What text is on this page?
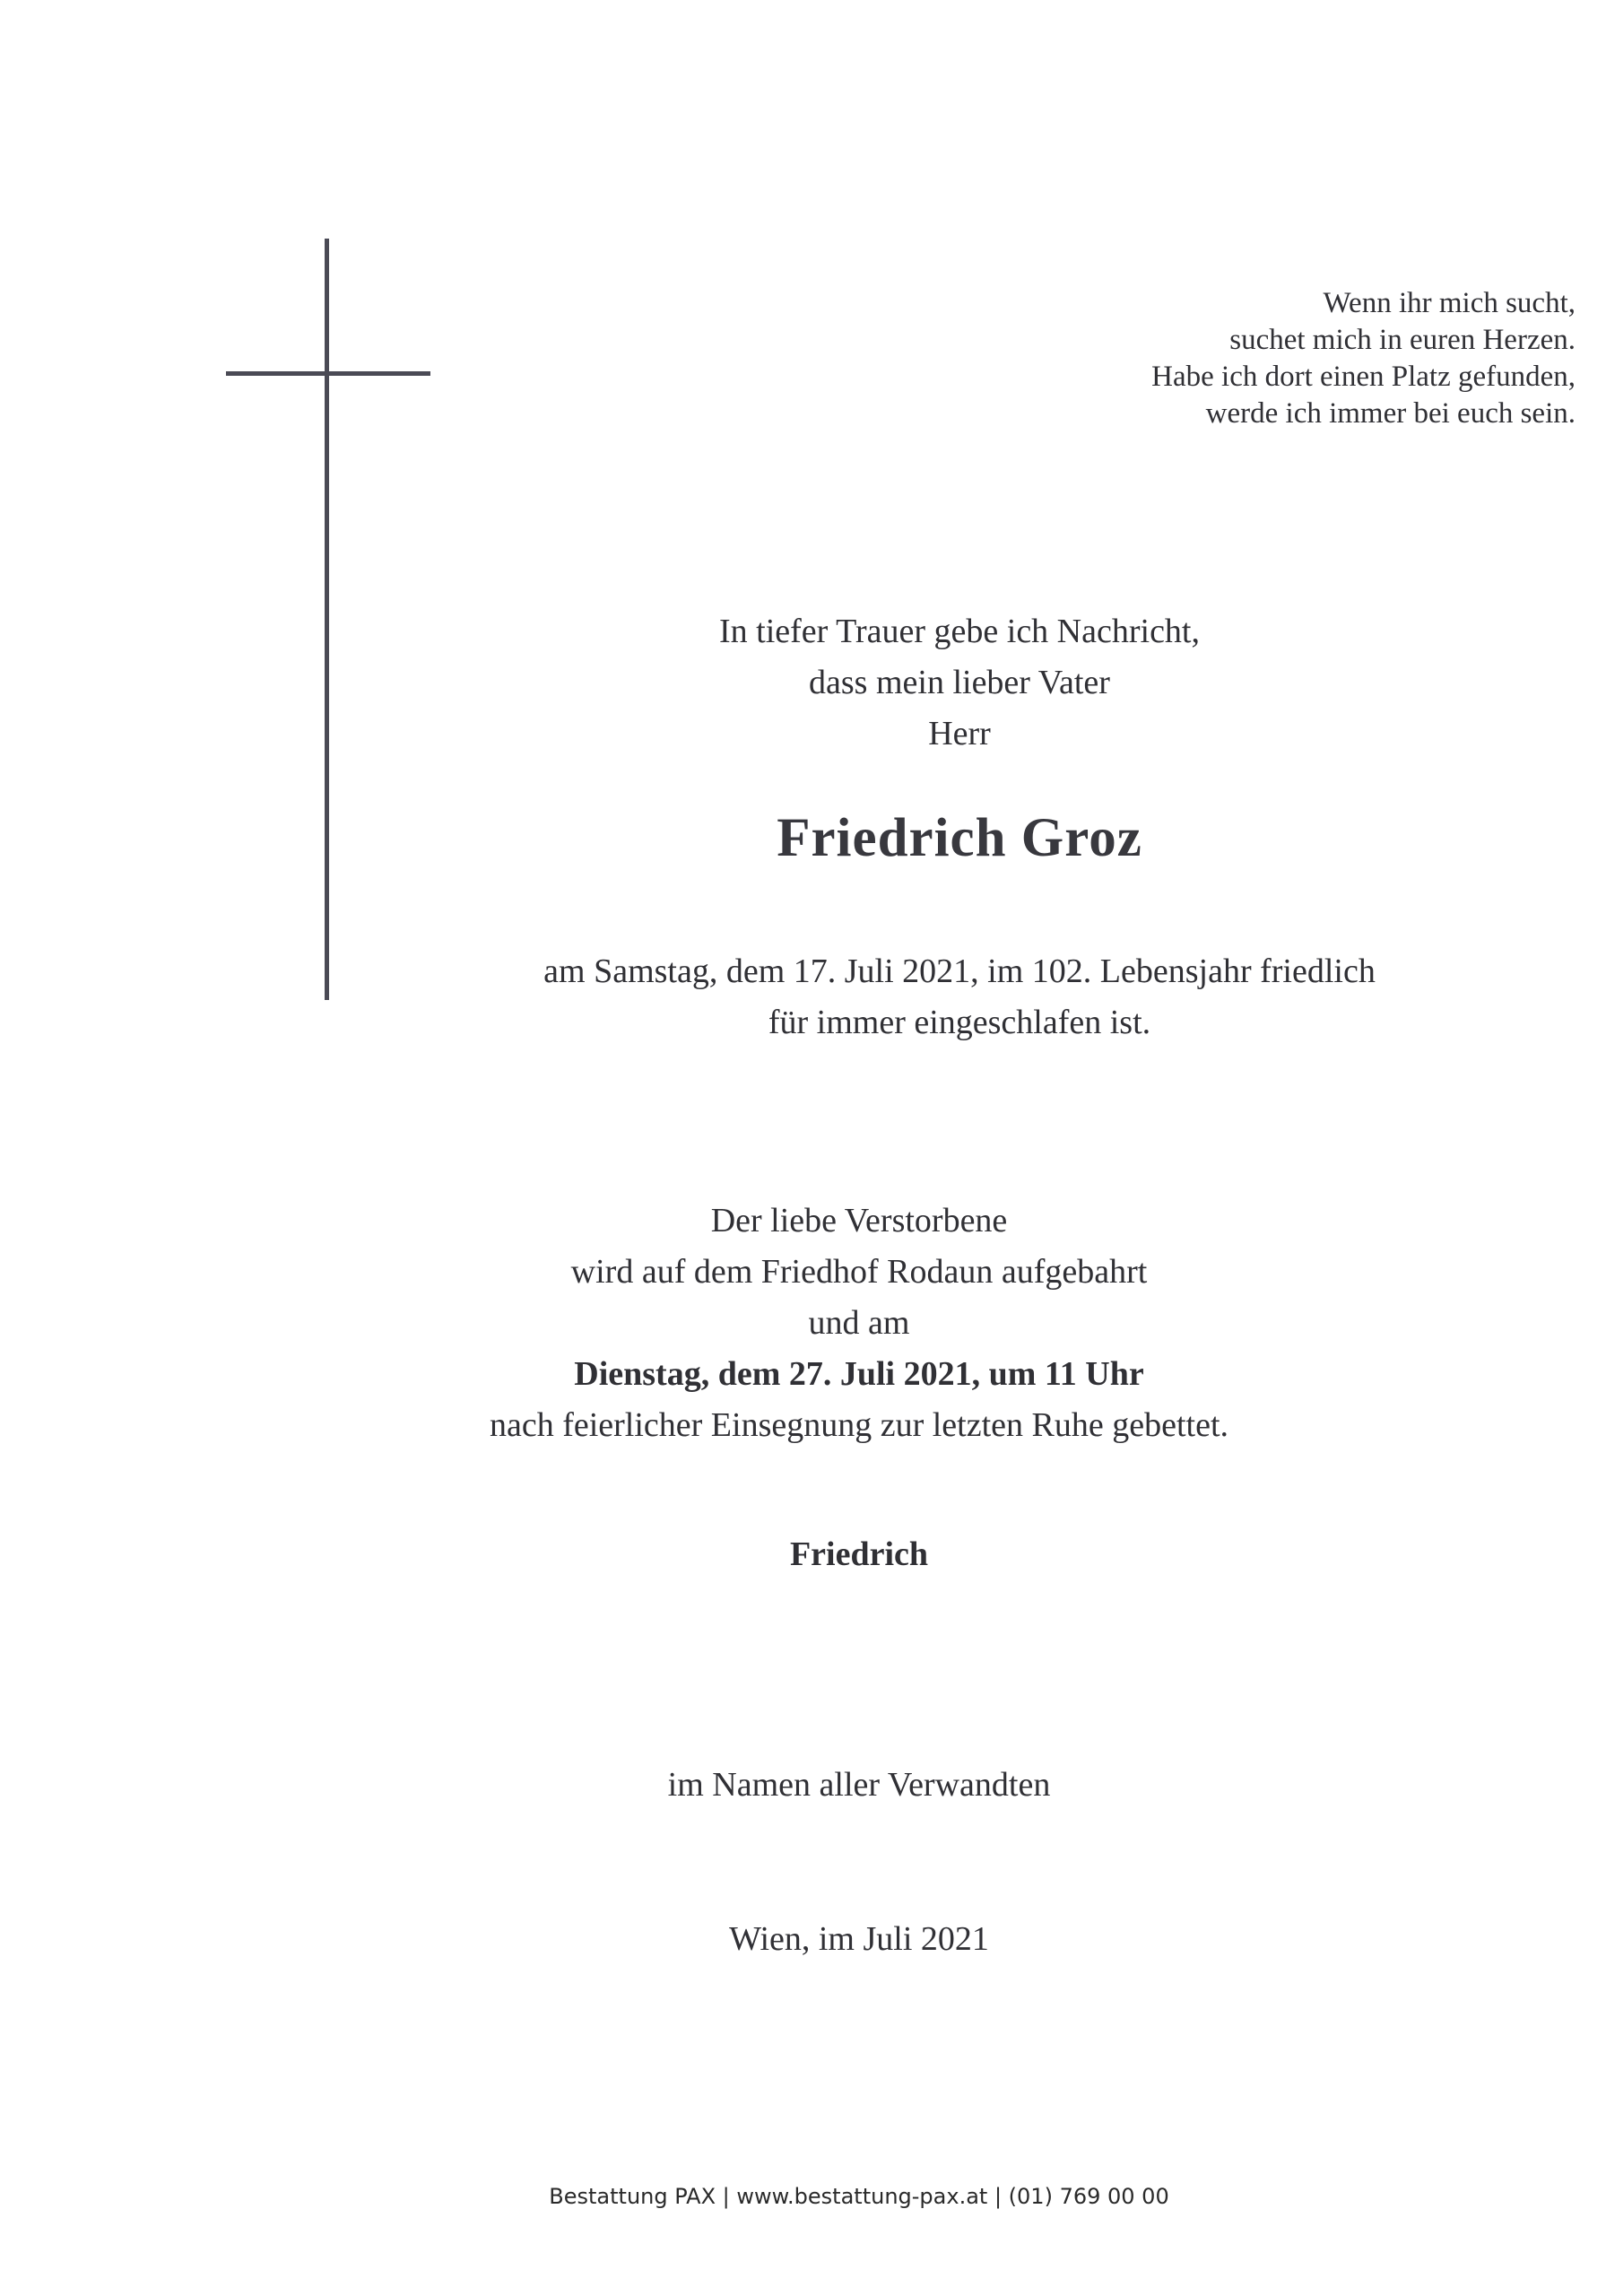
Wenn ihr mich sucht,
suchet mich in euren Herzen.
Habe ich dort einen Platz gefunden,
werde ich immer bei euch sein.
In tiefer Trauer gebe ich Nachricht,
dass mein lieber Vater
Herr
Friedrich Groz
am Samstag, dem 17. Juli 2021, im 102. Lebensjahr friedlich
für immer eingeschlafen ist.
Der liebe Verstorbene
wird auf dem Friedhof Rodaun aufgebahrt
und am
Dienstag, dem 27. Juli 2021, um 11 Uhr
nach feierlicher Einsegnung zur letzten Ruhe gebettet.
Friedrich
im Namen aller Verwandten
Wien, im Juli 2021
Bestattung PAX | www.bestattung-pax.at | (01) 769 00 00
